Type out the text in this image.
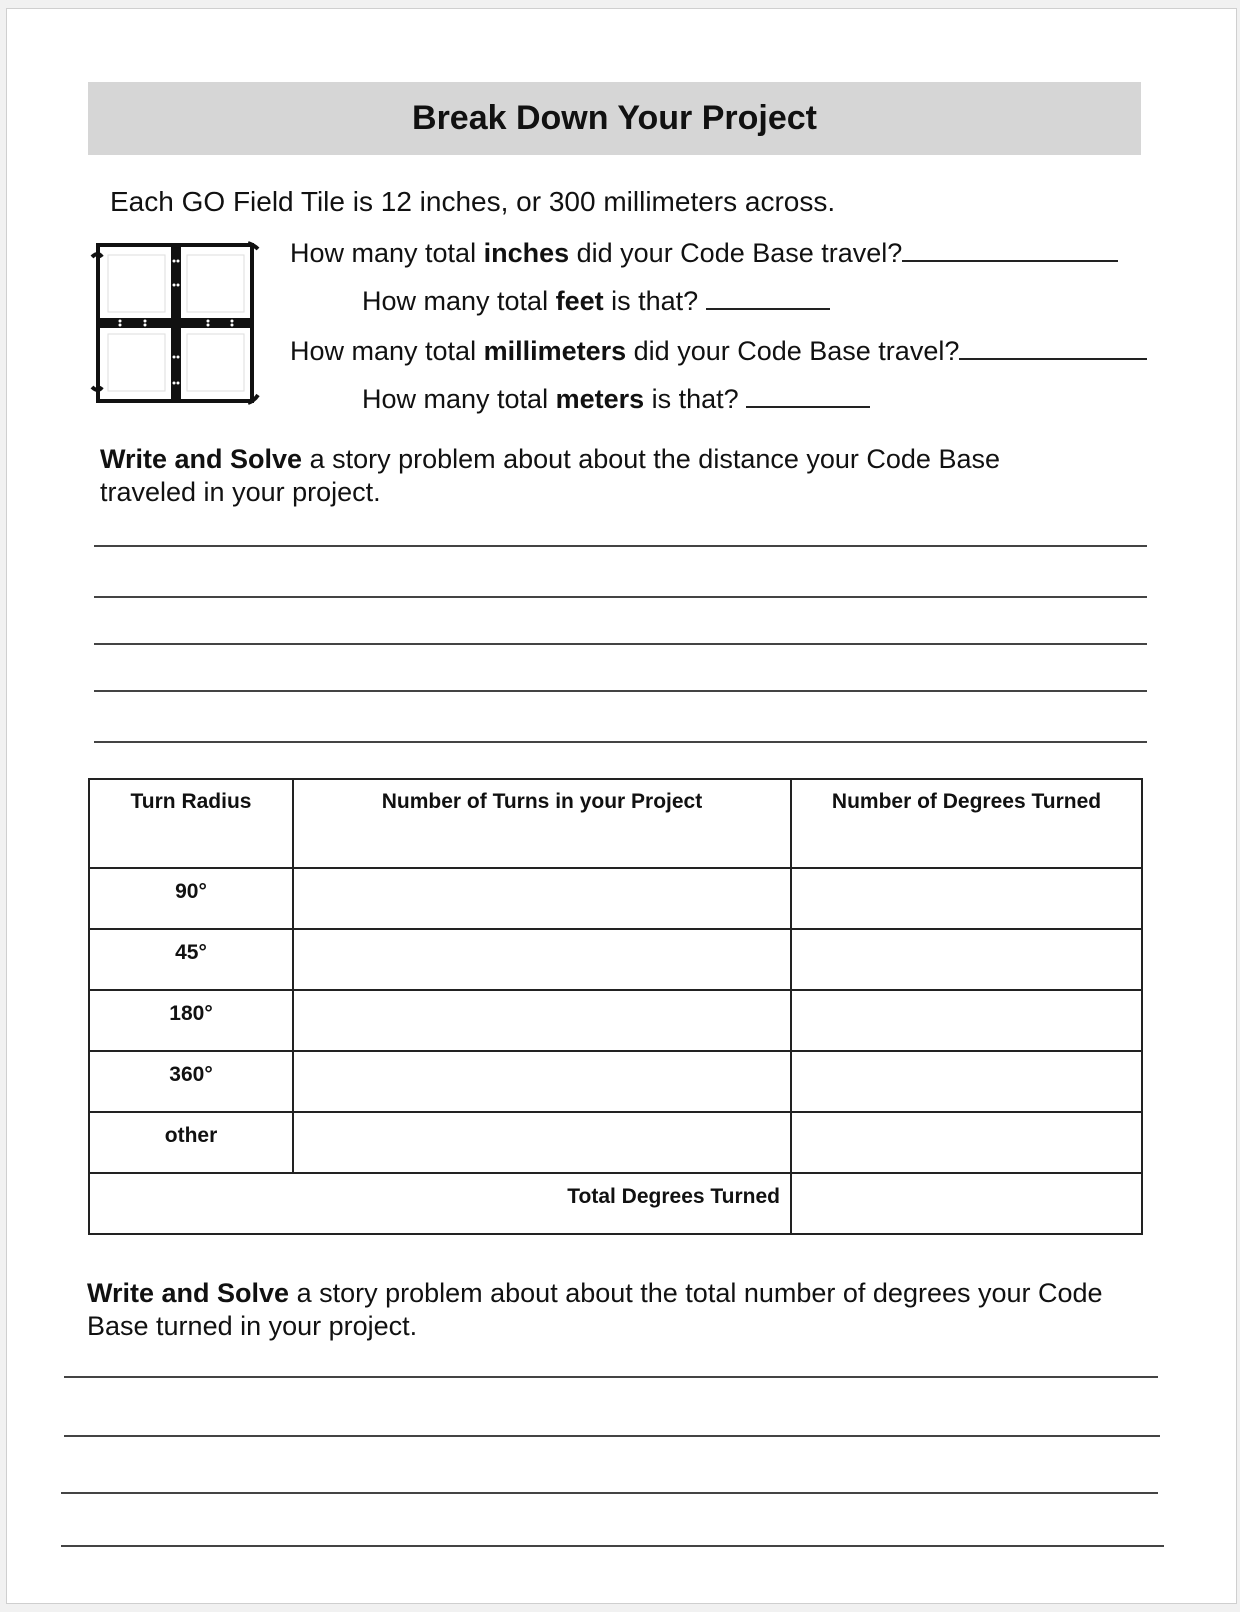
Break Down Your Project
Each GO Field Tile is 12 inches, or 300 millimeters across.
How many total inches did your Code Base travel?
How many total feet is that?
How many total millimeters did your Code Base travel?
How many total meters is that?
Write and Solve a story problem about about the distance your Code Base
traveled in your project.
Turn Radius	Number of Turns in your Project	Number of Degrees Turned
90°		
45°		
180°		
360°		
other		
Total Degrees Turned		
Write and Solve a story problem about about the total number of degrees your Code
Base turned in your project.
